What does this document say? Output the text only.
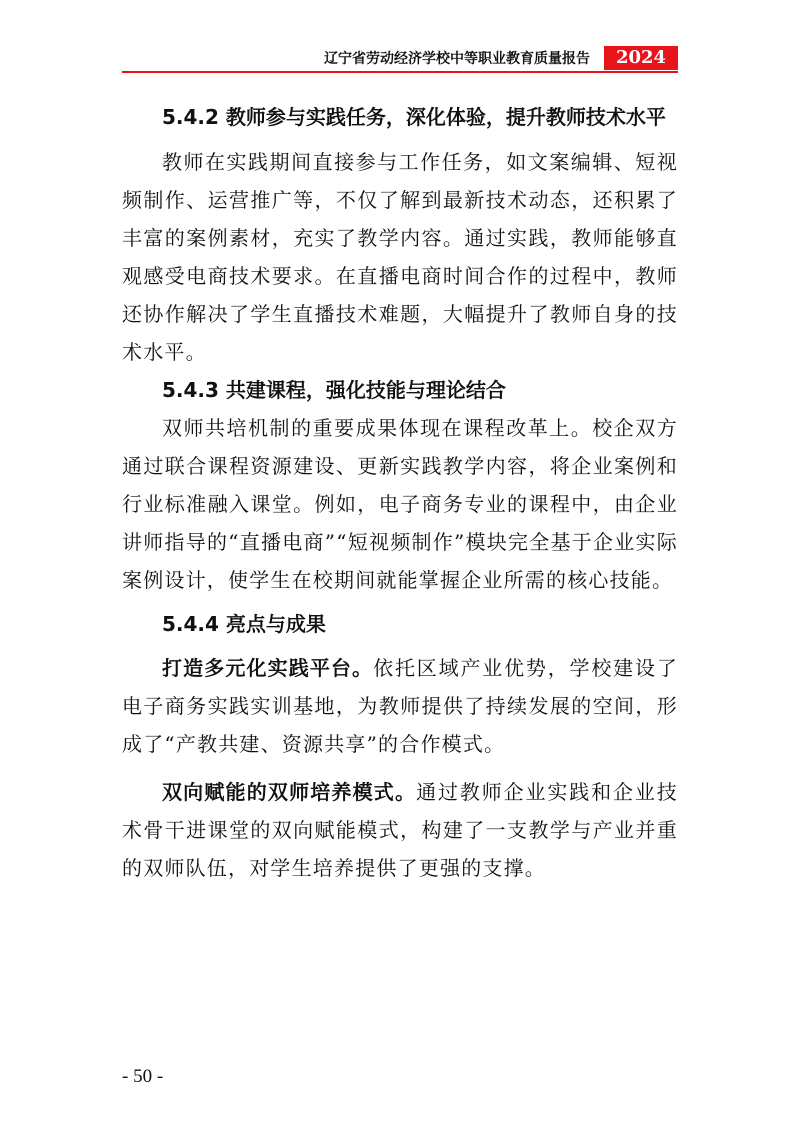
辽宁省劳动经济学校中等职业教育质量报告	2024
5.4.2 教师参与实践任务，深化体验，提升教师技术水平

教师在实践期间直接参与工作任务，如文案编辑、短视频制作、运营推广等，不仅了解到最新技术动态，还积累了丰富的案例素材，充实了教学内容。通过实践，教师能够直观感受电商技术要求。在直播电商时间合作的过程中，教师还协作解决了学生直播技术难题，大幅提升了教师自身的技术水平。

5.4.3 共建课程，强化技能与理论结合

双师共培机制的重要成果体现在课程改革上。校企双方通过联合课程资源建设、更新实践教学内容，将企业案例和行业标准融入课堂。例如，电子商务专业的课程中，由企业讲师指导的“直播电商”“短视频制作”模块完全基于企业实际案例设计，使学生在校期间就能掌握企业所需的核心技能。

5.4.4 亮点与成果

打造多元化实践平台。依托区域产业优势，学校建设了电子商务实践实训基地，为教师提供了持续发展的空间，形成了“产教共建、资源共享”的合作模式。

双向赋能的双师培养模式。通过教师企业实践和企业技术骨干进课堂的双向赋能模式，构建了一支教学与产业并重的双师队伍，对学生培养提供了更强的支撑。

- 50 -
